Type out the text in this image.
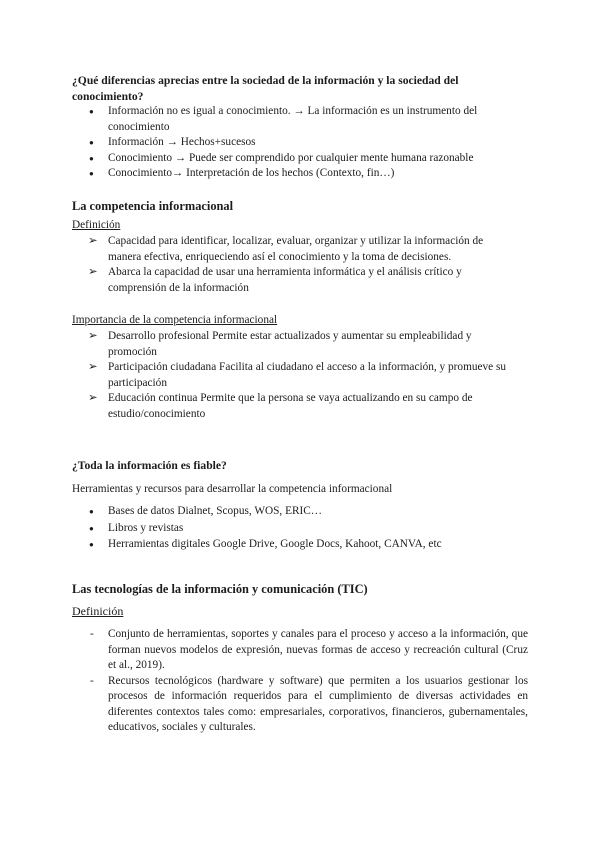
¿Qué diferencias aprecias entre la sociedad de la información y la sociedad del conocimiento?
● Información no es igual a conocimiento. → La información es un instrumento del conocimiento
● Información → Hechos+sucesos
● Conocimiento → Puede ser comprendido por cualquier mente humana razonable
● Conocimiento→ Interpretación de los hechos (Contexto, fin…)
La competencia informacional
Definición
➢ Capacidad para identificar, localizar, evaluar, organizar y utilizar la información de manera efectiva, enriqueciendo así el conocimiento y la toma de decisiones.
➢ Abarca la capacidad de usar una herramienta informática y el análisis crítico y comprensión de la información
Importancia de la competencia informacional
➢ Desarrollo profesional Permite estar actualizados y aumentar su empleabilidad y promoción
➢ Participación ciudadana Facilita al ciudadano el acceso a la información, y promueve su participación
➢ Educación continua Permite que la persona se vaya actualizando en su campo de estudio/conocimiento
¿Toda la información es fiable?
Herramientas y recursos para desarrollar la competencia informacional
● Bases de datos Dialnet, Scopus, WOS, ERIC…
● Libros y revistas
● Herramientas digitales Google Drive, Google Docs, Kahoot, CANVA, etc
Las tecnologías de la información y comunicación (TIC)
Definición
- Conjunto de herramientas, soportes y canales para el proceso y acceso a la información, que forman nuevos modelos de expresión, nuevas formas de acceso y recreación cultural (Cruz et al., 2019).
- Recursos tecnológicos (hardware y software) que permiten a los usuarios gestionar los procesos de información requeridos para el cumplimiento de diversas actividades en diferentes contextos tales como: empresariales, corporativos, financieros, gubernamentales, educativos, sociales y culturales.
